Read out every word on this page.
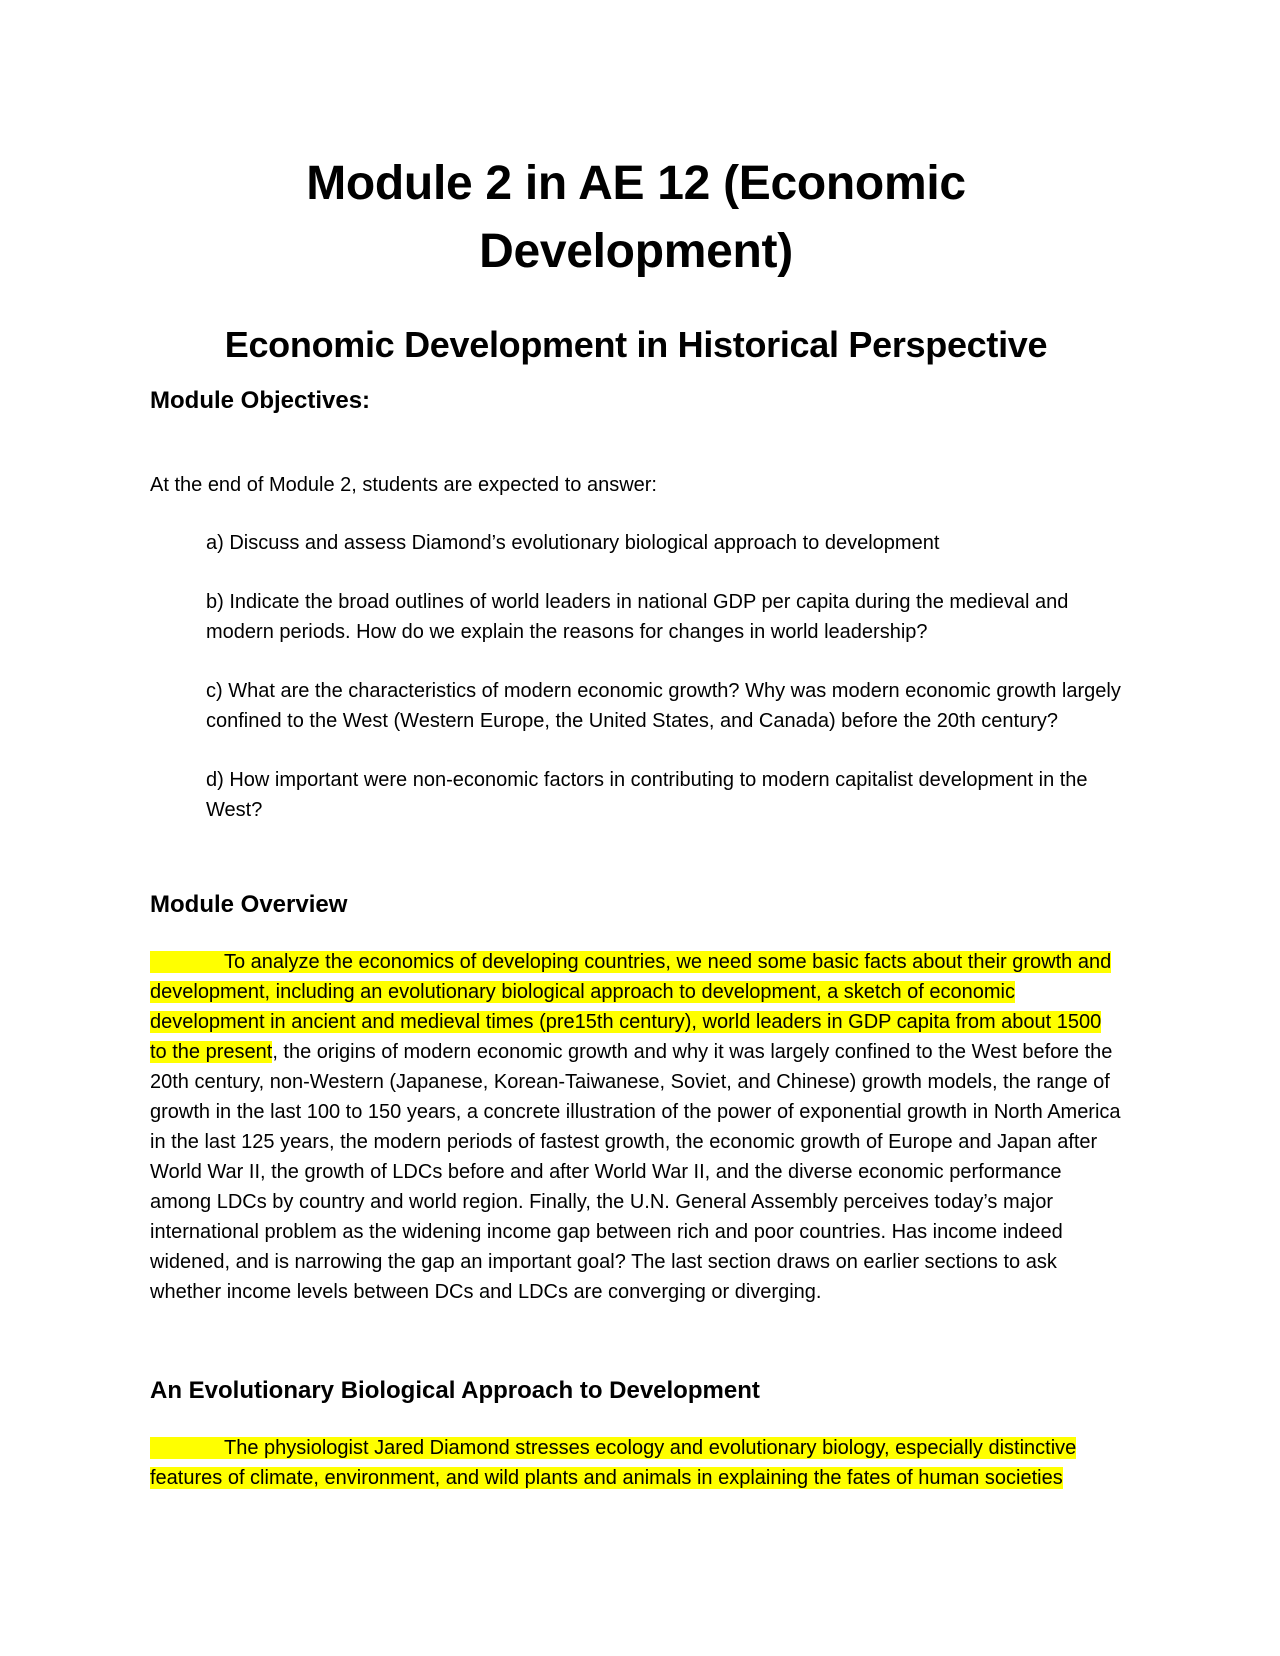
Module 2 in AE 12 (Economic Development)
Economic Development in Historical Perspective
Module Objectives:

At the end of Module 2, students are expected to answer:

a) Discuss and assess Diamond’s evolutionary biological approach to development
b) Indicate the broad outlines of world leaders in national GDP per capita during the medieval and modern periods. How do we explain the reasons for changes in world leadership?
c) What are the characteristics of modern economic growth? Why was modern economic growth largely confined to the West (Western Europe, the United States, and Canada) before the 20th century?
d) How important were non-economic factors in contributing to modern capitalist development in the West?
Module Overview

To analyze the economics of developing countries, we need some basic facts about their growth and development, including an evolutionary biological approach to development, a sketch of economic development in ancient and medieval times (pre15th century), world leaders in GDP capita from about 1500 to the present, the origins of modern economic growth and why it was largely confined to the West before the 20th century, non-Western (Japanese, Korean-Taiwanese, Soviet, and Chinese) growth models, the range of growth in the last 100 to 150 years, a concrete illustration of the power of exponential growth in North America in the last 125 years, the modern periods of fastest growth, the economic growth of Europe and Japan after World War II, the growth of LDCs before and after World War II, and the diverse economic performance among LDCs by country and world region. Finally, the U.N. General Assembly perceives today’s major international problem as the widening income gap between rich and poor countries. Has income indeed widened, and is narrowing the gap an important goal? The last section draws on earlier sections to ask whether income levels between DCs and LDCs are converging or diverging.

An Evolutionary Biological Approach to Development

The physiologist Jared Diamond stresses ecology and evolutionary biology, especially distinctive features of climate, environment, and wild plants and animals in explaining the fates of human societies
